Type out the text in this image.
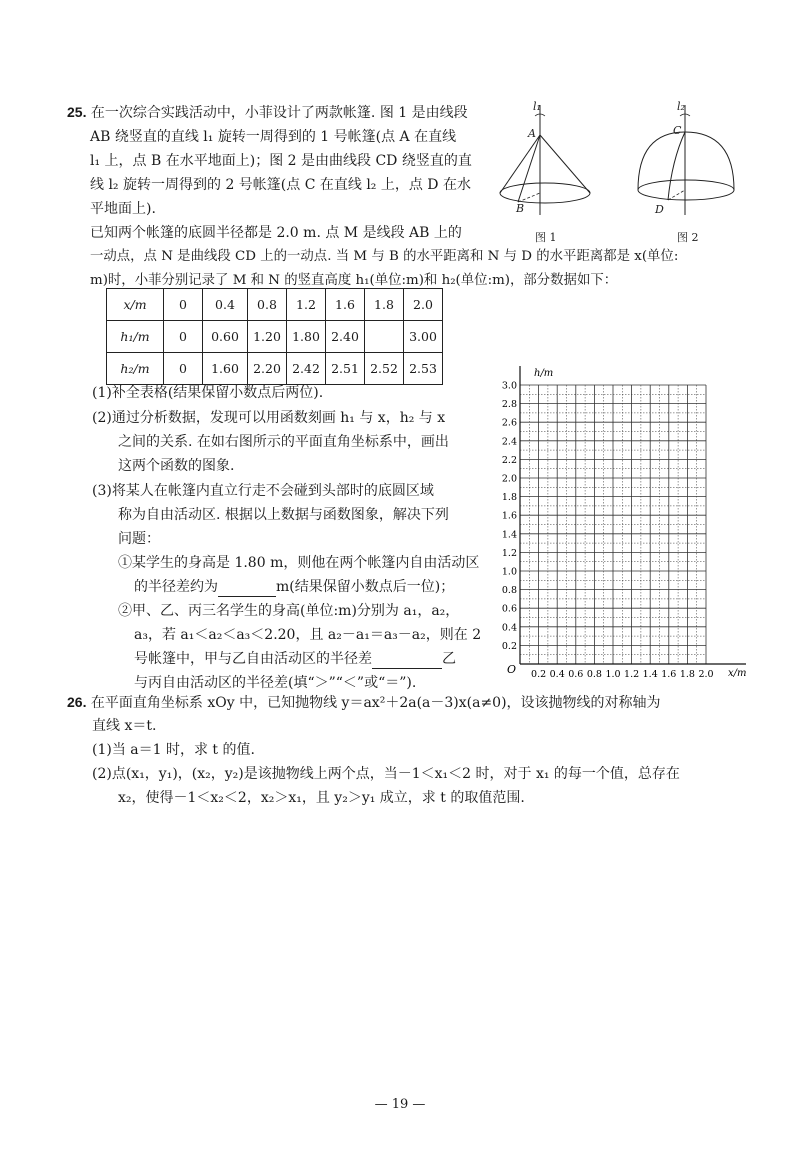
25. 在一次综合实践活动中，小菲设计了两款帐篷. 图 1 是由线段
AB 绕竖直的直线 l₁ 旋转一周得到的 1 号帐篷(点 A 在直线
l₁ 上，点 B 在水平地面上)；图 2 是由曲线段 CD 绕竖直的直
线 l₂ 旋转一周得到的 2 号帐篷(点 C 在直线 l₂ 上，点 D 在水
平地面上).
已知两个帐篷的底圆半径都是 2.0 m. 点 M 是线段 AB 上的
一动点，点 N 是曲线段 CD 上的一动点. 当 M 与 B 的水平距离和 N 与 D 的水平距离都是 x(单位:
m)时，小菲分别记录了 M 和 N 的竖直高度 h₁(单位:m)和 h₂(单位:m)，部分数据如下：
l₁
A
B
图 1
l₂
C
D
图 2
x/m	0	0.4	0.8	1.2	1.6	1.8	2.0
h₁/m	0	0.60	1.20	1.80	2.40		3.00
h₂/m	0	1.60	2.20	2.42	2.51	2.52	2.53
(1)补全表格(结果保留小数点后两位).
(2)通过分析数据，发现可以用函数刻画 h₁ 与 x，h₂ 与 x
之间的关系. 在如右图所示的平面直角坐标系中，画出
这两个函数的图象.
(3)将某人在帐篷内直立行走不会碰到头部时的底圆区域
称为自由活动区. 根据以上数据与函数图象，解决下列
问题：
①某学生的身高是 1.80 m，则他在两个帐篷内自由活动区
的半径差约为	m(结果保留小数点后一位)；
②甲、乙、丙三名学生的身高(单位:m)分别为 a₁，a₂，
a₃，若 a₁＜a₂＜a₃＜2.20，且 a₂－a₁＝a₃－a₂，则在 2
号帐篷中，甲与乙自由活动区的半径差	乙
与丙自由活动区的半径差(填“＞”“＜”或“＝”).
h/m
x/m
O
3.0
2.8
2.6
2.4
2.2
2.0
1.8
1.6
1.4
1.2
1.0
0.8
0.6
0.4
0.2
0.2 0.4 0.6 0.8 1.0 1.2 1.4 1.6 1.8 2.0
26. 在平面直角坐标系 xOy 中，已知抛物线 y＝ax²＋2a(a－3)x(a≠0)，设该抛物线的对称轴为
直线 x＝t.
(1)当 a＝1 时，求 t 的值.
(2)点(x₁，y₁)，(x₂，y₂)是该抛物线上两个点，当－1＜x₁＜2 时，对于 x₁ 的每一个值，总存在
x₂，使得－1＜x₂＜2，x₂＞x₁，且 y₂＞y₁ 成立，求 t 的取值范围.
— 19 —
